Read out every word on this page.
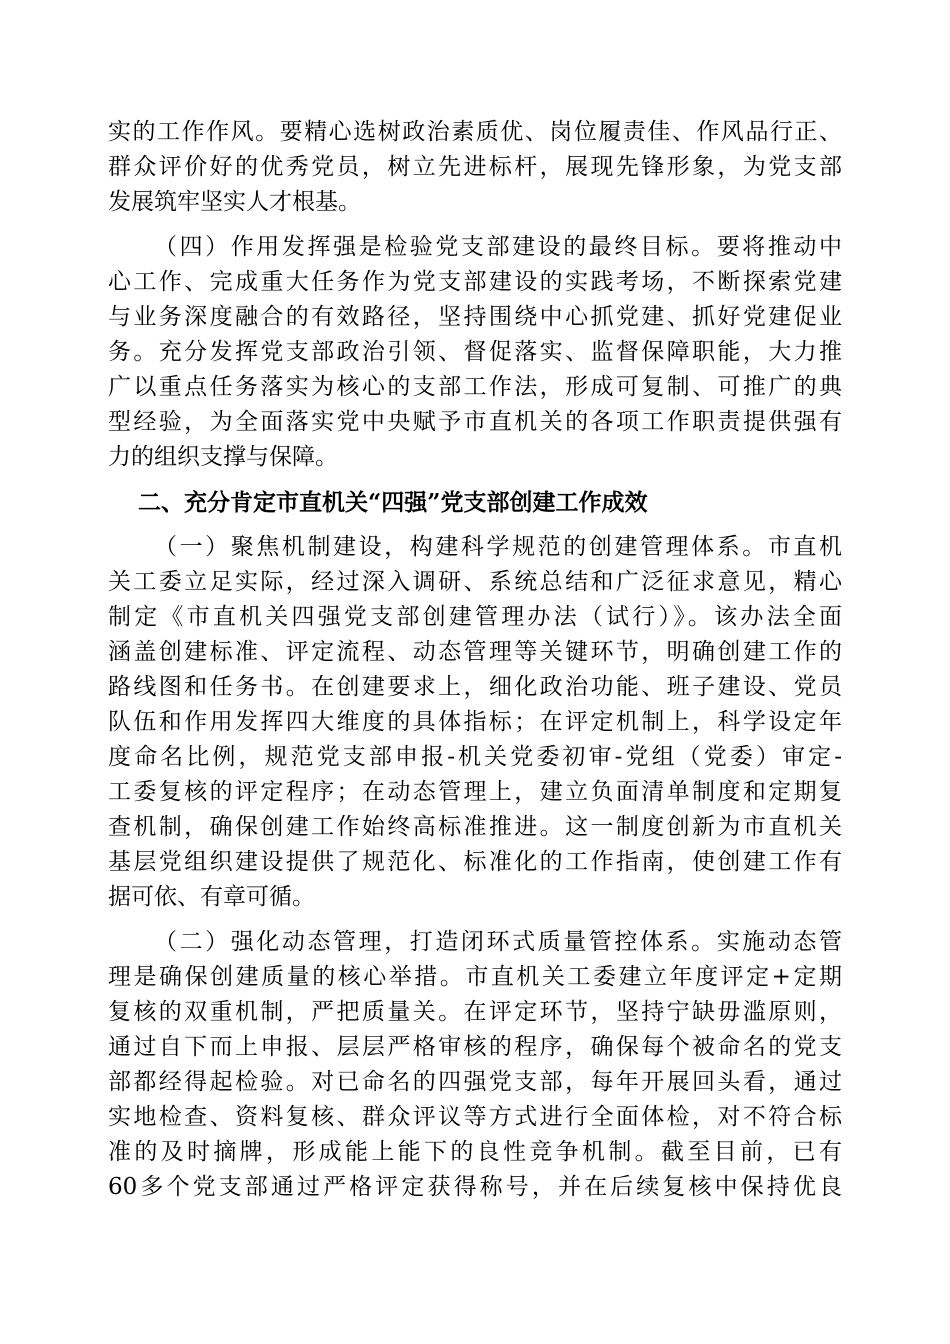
实的工作作风。要精心选树政治素质优、岗位履责佳、作风品行正、
群众评价好的优秀党员，树立先进标杆，展现先锋形象，为党支部
发展筑牢坚实人才根基。
（四）作用发挥强是检验党支部建设的最终目标。要将推动中
心工作、完成重大任务作为党支部建设的实践考场，不断探索党建
与业务深度融合的有效路径，坚持围绕中心抓党建、抓好党建促业
务。充分发挥党支部政治引领、督促落实、监督保障职能，大力推
广以重点任务落实为核心的支部工作法，形成可复制、可推广的典
型经验，为全面落实党中央赋予市直机关的各项工作职责提供强有
力的组织支撑与保障。
二、充分肯定市直机关“四强”党支部创建工作成效
（一）聚焦机制建设，构建科学规范的创建管理体系。市直机
关工委立足实际，经过深入调研、系统总结和广泛征求意见，精心
制定《市直机关四强党支部创建管理办法（试行）》。该办法全面
涵盖创建标准、评定流程、动态管理等关键环节，明确创建工作的
路线图和任务书。在创建要求上，细化政治功能、班子建设、党员
队伍和作用发挥四大维度的具体指标；在评定机制上，科学设定年
度命名比例，规范党支部申报-机关党委初审-党组（党委）审定-
工委复核的评定程序；在动态管理上，建立负面清单制度和定期复
查机制，确保创建工作始终高标准推进。这一制度创新为市直机关
基层党组织建设提供了规范化、标准化的工作指南，使创建工作有
据可依、有章可循。
（二）强化动态管理，打造闭环式质量管控体系。实施动态管
理是确保创建质量的核心举措。市直机关工委建立年度评定+定期
复核的双重机制，严把质量关。在评定环节，坚持宁缺毋滥原则，
通过自下而上申报、层层严格审核的程序，确保每个被命名的党支
部都经得起检验。对已命名的四强党支部，每年开展回头看，通过
实地检查、资料复核、群众评议等方式进行全面体检，对不符合标
准的及时摘牌，形成能上能下的良性竞争机制。截至目前，已有
60多个党支部通过严格评定获得称号，并在后续复核中保持优良
